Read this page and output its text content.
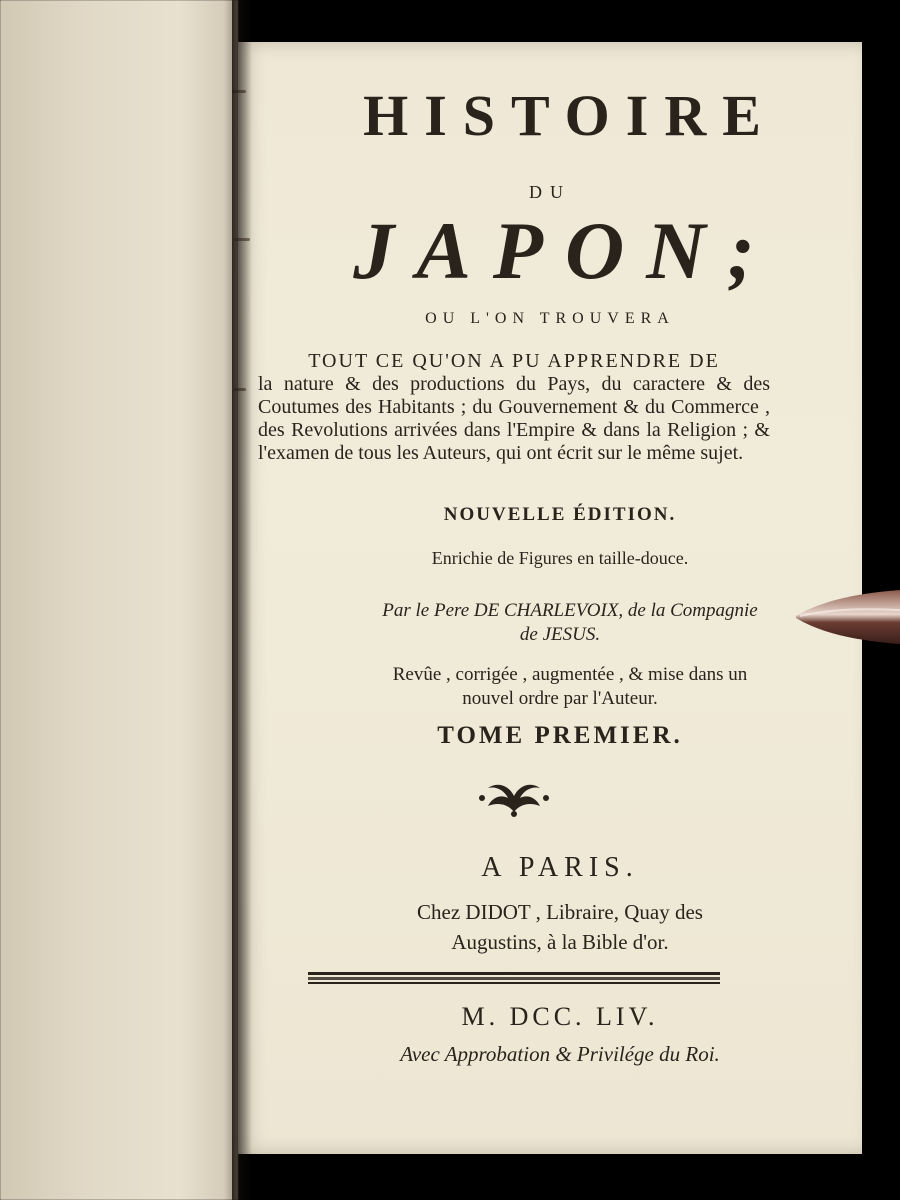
HISTOIRE
DU
JAPON;
OU L'ON TROUVERA
TOUT CE QU'ON A PU APPRENDRE DE
la nature & des productions du Pays, du caractere & des Coutumes des Habitants ; du Gouvernement & du Commerce , des Revolutions arrivées dans l'Empire & dans la Religion ; & l'examen de tous les Auteurs, qui ont écrit sur le même sujet.
NOUVELLE ÉDITION.
Enrichie de Figures en taille-douce.
Par le Pere DE CHARLEVOIX, de la Compagnie
de JESUS.
Revûe , corrigée , augmentée , & mise dans un
nouvel ordre par l'Auteur.
TOME PREMIER.
A PARIS.
Chez DIDOT , Libraire, Quay des
Augustins, à la Bible d'or.
M. DCC. LIV.
Avec Approbation & Privilége du Roi.
